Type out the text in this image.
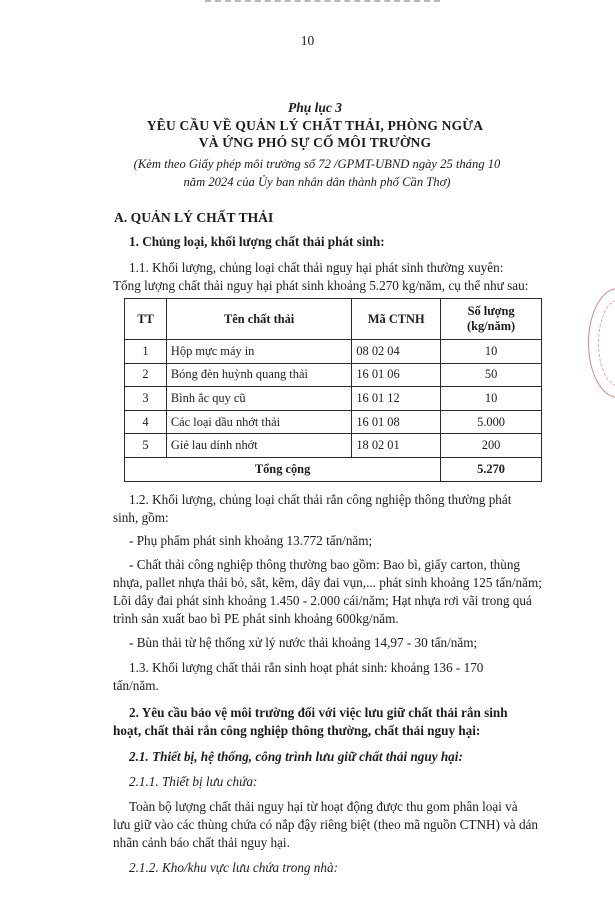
10
Phụ lục 3
YÊU CẦU VỀ QUẢN LÝ CHẤT THẢI, PHÒNG NGỪA
VÀ ỨNG PHÓ SỰ CỐ MÔI TRƯỜNG
(Kèm theo Giấy phép môi trường số 72 /GPMT-UBND ngày 25 tháng 10
năm 2024 của Ủy ban nhân dân thành phố Cần Thơ)
A. QUẢN LÝ CHẤT THẢI
1. Chủng loại, khối lượng chất thải phát sinh:
1.1. Khối lượng, chủng loại chất thải nguy hại phát sinh thường xuyên:
Tổng lượng chất thải nguy hại phát sinh khoảng 5.270 kg/năm, cụ thể như sau:
TT	Tên chất thải	Mã CTNH	Số lượng
(kg/năm)

1	Hộp mực máy in	08 02 04	10
2	Bóng đèn huỳnh quang thải	16 01 06	50
3	Bình ắc quy cũ	16 01 12	10
4	Các loại dầu nhớt thải	16 01 08	5.000
5	Giẻ lau dính nhớt	18 02 01	200
Tổng cộng			5.270
1.2. Khối lượng, chủng loại chất thải rắn công nghiệp thông thường phát
sinh, gồm:
- Phụ phẩm phát sinh khoảng 13.772 tấn/năm;
- Chất thải công nghiệp thông thường bao gồm: Bao bì, giấy carton, thùng
nhựa, pallet nhựa thải bỏ, sắt, kẽm, dây đai vụn,... phát sinh khoảng 125 tấn/năm;
Lõi dây đai phát sinh khoảng 1.450 - 2.000 cái/năm; Hạt nhựa rơi vãi trong quá
trình sản xuất bao bì PE phát sinh khoảng 600kg/năm.
- Bùn thải từ hệ thống xử lý nước thải khoảng 14,97 - 30 tấn/năm;
1.3. Khối lượng chất thải rắn sinh hoạt phát sinh: khoảng 136 - 170
tấn/năm.
2. Yêu cầu bảo vệ môi trường đối với việc lưu giữ chất thải rắn sinh
hoạt, chất thải rắn công nghiệp thông thường, chất thải nguy hại:
2.1. Thiết bị, hệ thống, công trình lưu giữ chất thải nguy hại:
2.1.1. Thiết bị lưu chứa:
Toàn bộ lượng chất thải nguy hại từ hoạt động được thu gom phân loại và
lưu giữ vào các thùng chứa có nắp đậy riêng biệt (theo mã nguồn CTNH) và dán
nhãn cảnh báo chất thải nguy hại.
2.1.2. Kho/khu vực lưu chứa trong nhà:
